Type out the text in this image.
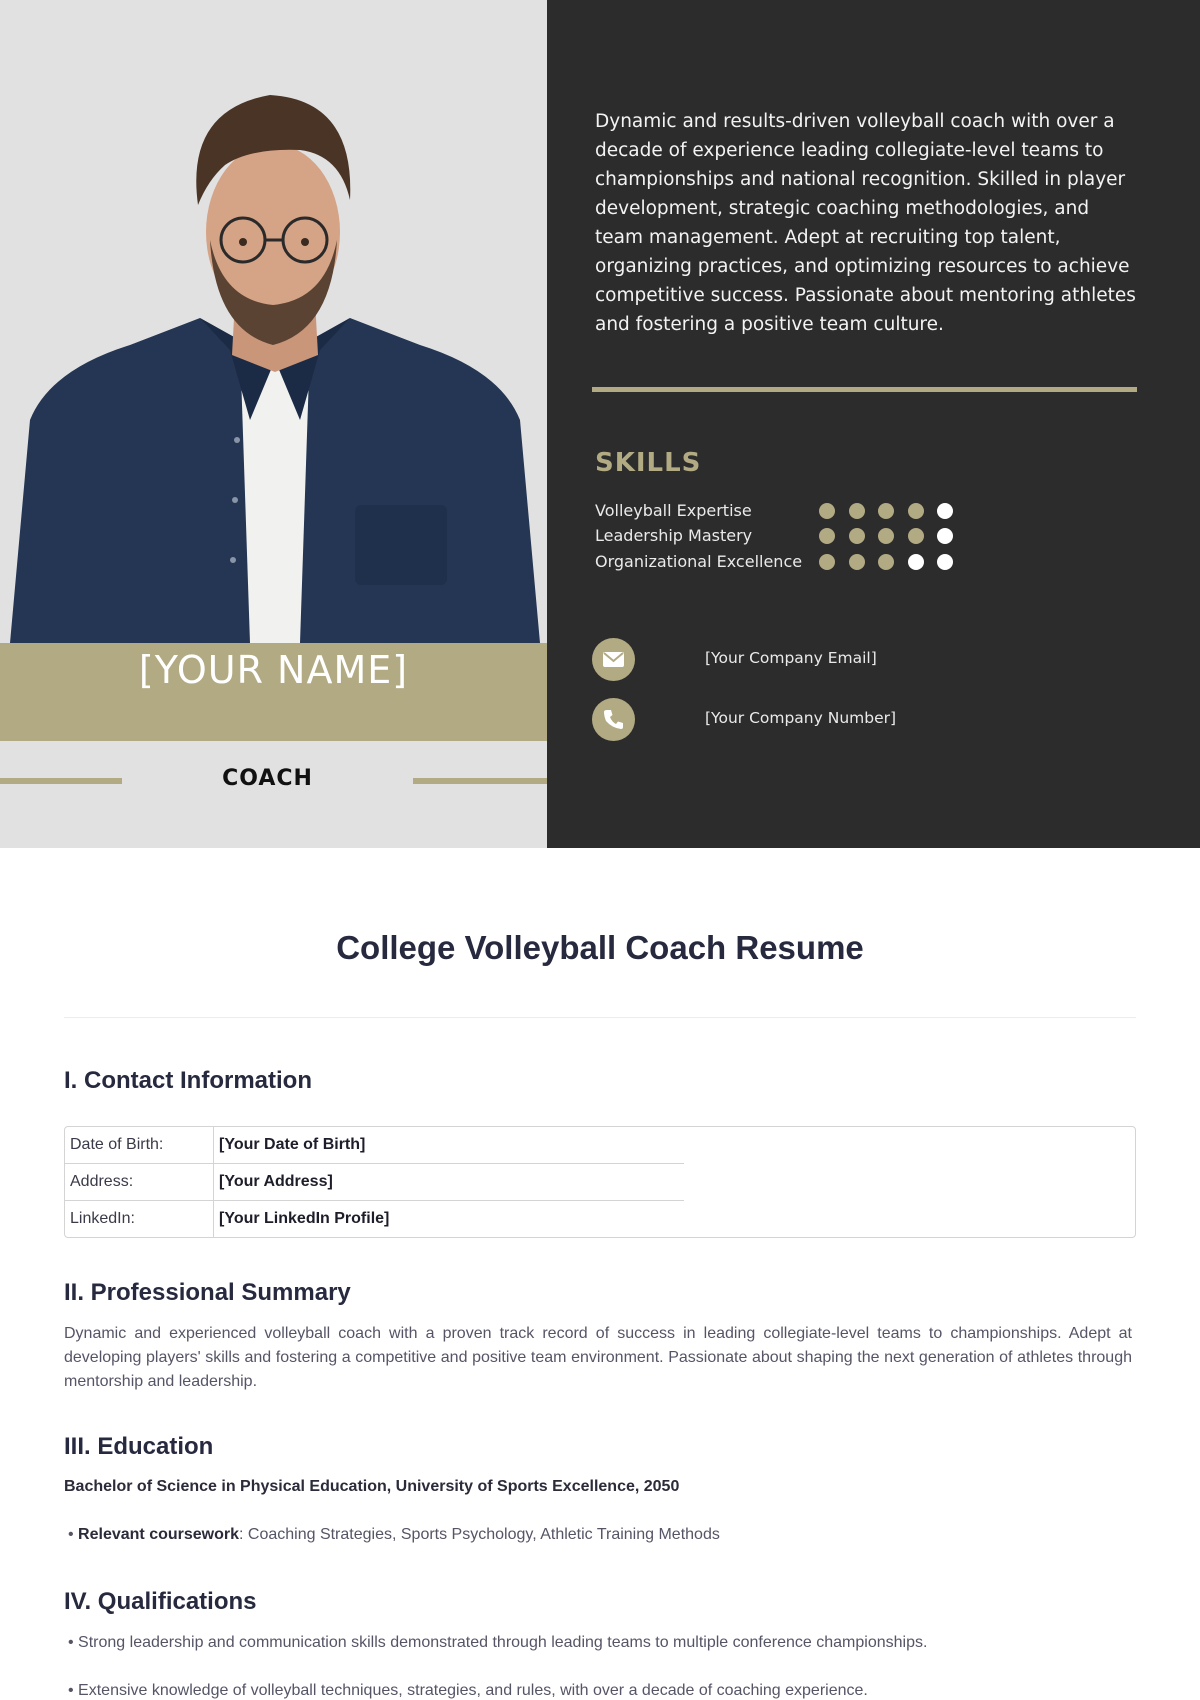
[YOUR NAME]
COACH
Dynamic and results-driven volleyball coach with over a decade of experience leading collegiate-level teams to championships and national recognition. Skilled in player development, strategic coaching methodologies, and team management. Adept at recruiting top talent, organizing practices, and optimizing resources to achieve competitive success. Passionate about mentoring athletes and fostering a positive team culture.
SKILLS
Volleyball Expertise
Leadership Mastery
Organizational Excellence
[Your Company Email]
[Your Company Number]
College Volleyball Coach Resume
I. Contact Information
Date of Birth:	[Your Date of Birth]
Address:	[Your Address]
LinkedIn:	[Your LinkedIn Profile]
II. Professional Summary
Dynamic and experienced volleyball coach with a proven track record of success in leading collegiate-level teams to championships. Adept at developing players' skills and fostering a competitive and positive team environment. Passionate about shaping the next generation of athletes through mentorship and leadership.
III. Education
Bachelor of Science in Physical Education, University of Sports Excellence, 2050
• Relevant coursework: Coaching Strategies, Sports Psychology, Athletic Training Methods
IV. Qualifications
• Strong leadership and communication skills demonstrated through leading teams to multiple conference championships.
• Extensive knowledge of volleyball techniques, strategies, and rules, with over a decade of coaching experience.
